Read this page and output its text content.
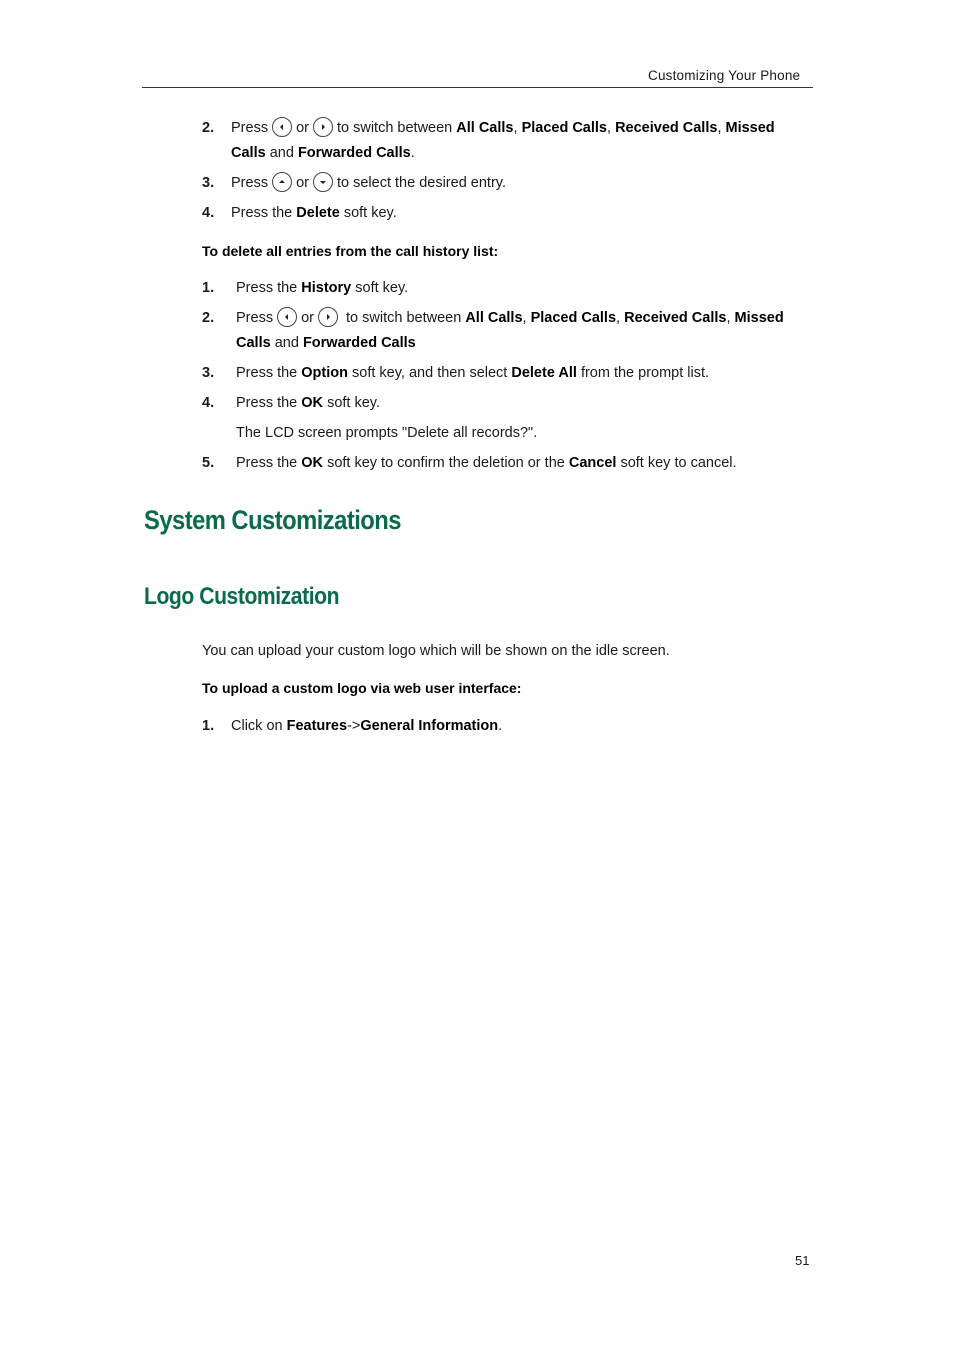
Customizing Your Phone
2.	Press or to switch between All Calls, Placed Calls, Received Calls, Missed
Calls and Forwarded Calls.
3.	Press or to select the desired entry.
4.	Press the Delete soft key.
To delete all entries from the call history list:
1.	Press the History soft key.
2.	Press or to switch between All Calls, Placed Calls, Received Calls, Missed
Calls and Forwarded Calls
3.	Press the Option soft key, and then select Delete All from the prompt list.
4.	Press the OK soft key.
The LCD screen prompts "Delete all records?".
5.	Press the OK soft key to confirm the deletion or the Cancel soft key to cancel.
System Customizations
Logo Customization
You can upload your custom logo which will be shown on the idle screen.
To upload a custom logo via web user interface:
1.	Click on Features->General Information.
51
